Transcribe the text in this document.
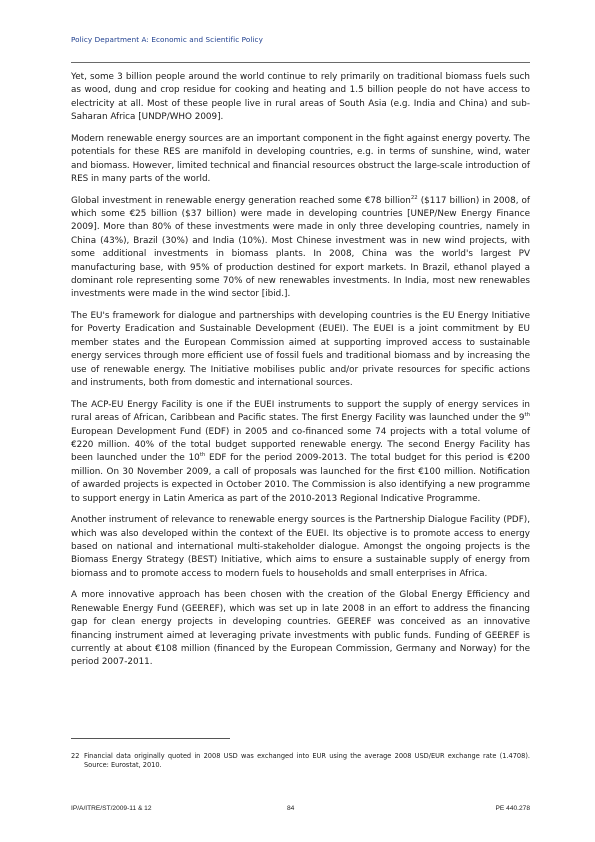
Policy Department A: Economic and Scientific Policy

Yet, some 3 billion people around the world continue to rely primarily on traditional biomass fuels such as wood, dung and crop residue for cooking and heating and 1.5 billion people do not have access to electricity at all. Most of these people live in rural areas of South Asia (e.g. India and China) and sub-Saharan Africa [UNDP/WHO 2009].

Modern renewable energy sources are an important component in the fight against energy poverty. The potentials for these RES are manifold in developing countries, e.g. in terms of sunshine, wind, water and biomass. However, limited technical and financial resources obstruct the large-scale introduction of RES in many parts of the world.

Global investment in renewable energy generation reached some €78 billion$^{22}$ ($117 billion) in 2008, of which some €25 billion ($37 billion) were made in developing countries [UNEP/New Energy Finance 2009]. More than 80% of these investments were made in only three developing countries, namely in China (43%), Brazil (30%) and India (10%). Most Chinese investment was in new wind projects, with some additional investments in biomass plants. In 2008, China was the world's largest PV manufacturing base, with 95% of production destined for export markets. In Brazil, ethanol played a dominant role representing some 70% of new renewables investments. In India, most new renewables investments were made in the wind sector [ibid.].

The EU's framework for dialogue and partnerships with developing countries is the EU Energy Initiative for Poverty Eradication and Sustainable Development (EUEI). The EUEI is a joint commitment by EU member states and the European Commission aimed at supporting improved access to sustainable energy services through more efficient use of fossil fuels and traditional biomass and by increasing the use of renewable energy. The Initiative mobilises public and/or private resources for specific actions and instruments, both from domestic and international sources.

The ACP-EU Energy Facility is one if the EUEI instruments to support the supply of energy services in rural areas of African, Caribbean and Pacific states. The first Energy Facility was launched under the 9th European Development Fund (EDF) in 2005 and co-financed some 74 projects with a total volume of €220 million. 40% of the total budget supported renewable energy. The second Energy Facility has been launched under the 10th EDF for the period 2009-2013. The total budget for this period is €200 million. On 30 November 2009, a call of proposals was launched for the first €100 million. Notification of awarded projects is expected in October 2010. The Commission is also identifying a new programme to support energy in Latin America as part of the 2010-2013 Regional Indicative Programme.

Another instrument of relevance to renewable energy sources is the Partnership Dialogue Facility (PDF), which was also developed within the context of the EUEI. Its objective is to promote access to energy based on national and international multi-stakeholder dialogue. Amongst the ongoing projects is the Biomass Energy Strategy (BEST) Initiative, which aims to ensure a sustainable supply of energy from biomass and to promote access to modern fuels to households and small enterprises in Africa.

A more innovative approach has been chosen with the creation of the Global Energy Efficiency and Renewable Energy Fund (GEEREF), which was set up in late 2008 in an effort to address the financing gap for clean energy projects in developing countries. GEEREF was conceived as an innovative financing instrument aimed at leveraging private investments with public funds. Funding of GEEREF is currently at about €108 million (financed by the European Commission, Germany and Norway) for the period 2007-2011.

22 Financial data originally quoted in 2008 USD was exchanged into EUR using the average 2008 USD/EUR exchange rate (1.4708). Source: Eurostat, 2010.
IP/A/ITRE/ST/2009-11 & 12	84	PE 440.278
